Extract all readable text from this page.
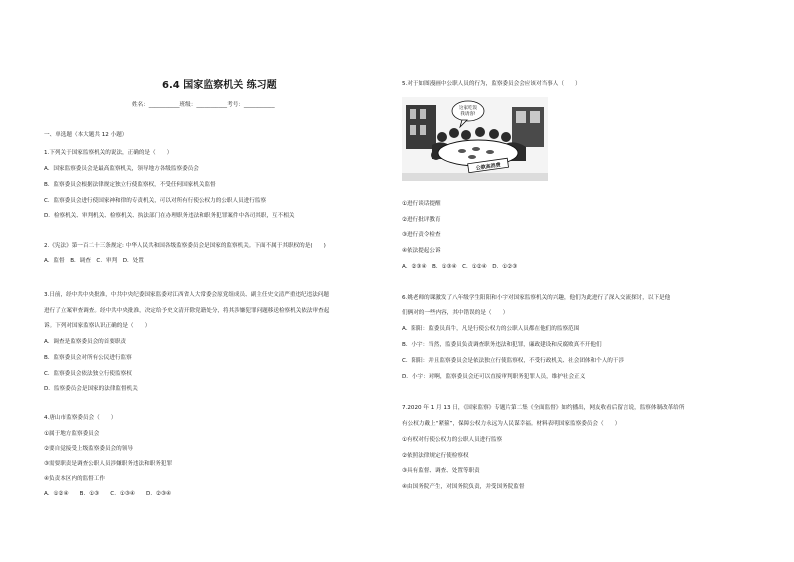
6.4 国家监察机关 练习题
姓名：___________班级：___________考号：___________
一、单选题（本大题共 12 小题）
1.下列关于国家监察机关的说法，正确的是（　　）
A．国家监察委员会是最高监察机关，领导地方各级监察委员会
B．监察委员会根据法律规定独立行使监察权，不受任何国家机关监督
C．监察委员会进行使国家神和律的专责机关，可以对所有行使公权力的公职人员进行监察
D．检察机关、审判机关、检察机关、执法部门在办理职务违法和职务犯罪案件中各司其职，互不相关
2.《宪法》第一百二十三条规定: 中华人民共和国各级监察委员会是国家的监察机关。下面不属于其职权的是(　　)
A．监督　B．调查　C．审判　D．处置
3.日前，经中共中央批准，中共中央纪委国家监委对江西省人大常委会原党组成员、副主任史文清严重违纪违法问题
进行了立案审查调查。经中共中央批准，决定给予史文清开除党籍处分，将其涉嫌犯罪问题移送检察机关依法审查起
诉。下列对国家监察认识正确的是（　　）
A．调查是监察委员会的首要职责
B．监察委员会对所有公民进行监察
C．监察委员会依法独立行使监察权
D．监察委员会是国家的法律监督机关
4.唐山市监察委员会（　　）
①属于地方监察委员会
②要自觉接受上级监察委员会的领导
③需要职责是调查公职人员涉嫌职务违法和职务犯罪
④负责本区内的监督工作
A．①②④　　B．①③　　C．①③④　　D．②③④
5.对于如图漫画中公职人员的行为，监察委员会会应该对当事人（　　）
这家吃饭
我请客!
公款高消费
①进行谈话提醒
②进行批评教育
③进行责令检查
④依法提起公诉
A．②③④　B．①③④　C．①②④　D．①②③
6.姚老师的课激发了八年级学生阳阳和小宇对国家监察机关的兴趣，他们为此进行了深入交流探讨，以下是他
们俩对的一些内容，其中错误的是（　　）
A．阳阳：监委员真牛，凡是行使公权力的公职人员都在他们的监察范围
B．小宇：当然，监委员负责调查职务违法和犯罪，廉政建设和反腐败真不开他们
C．阳阳：并且监察委员会是依法独立行使监察权，不受行政机关、社会团体和个人的干涉
D．小宇：对啊，监察委员会还可以直接审判职务犯罪人员，维护社会正义
7.2020 年 1 月 13 日，《国家监察》专题片第二集《全面监督》如约播出，网友收看后留言说，监察体制改革给所
有公权力戴上“紧箍”，保障公权力永远为人民谋幸福。材料表明国家监察委员会（　　）
①有权对行使公权力的公职人员进行监察
②依照法律规定行使检察权
③具有监督、调查、处置等职责
④由国务院产生，对国务院负责，并受国务院监督
